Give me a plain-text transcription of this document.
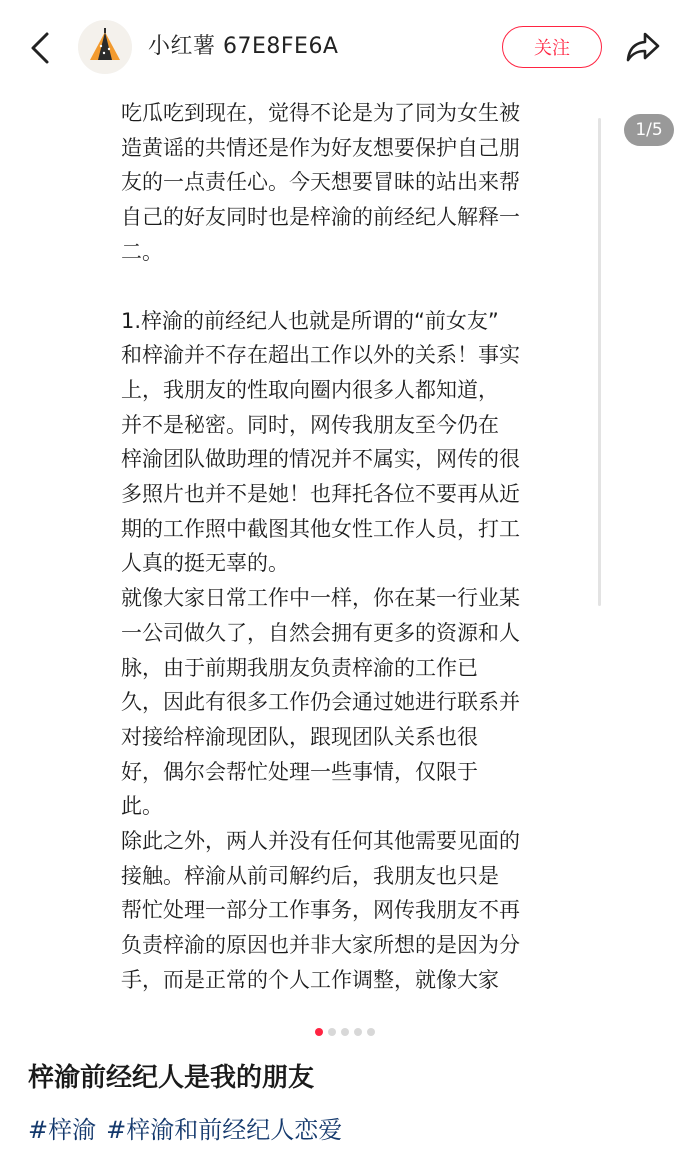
小红薯 67E8FE6A	关注

吃瓜吃到现在，觉得不论是为了同为女生被
造黄谣的共情还是作为好友想要保护自己朋
友的一点责任心。今天想要冒昧的站出来帮
自己的好友同时也是梓渝的前经纪人解释一
二。

1.梓渝的前经纪人也就是所谓的“前女友”
和梓渝并不存在超出工作以外的关系！事实
上，我朋友的性取向圈内很多人都知道，
并不是秘密。同时，网传我朋友至今仍在
梓渝团队做助理的情况并不属实，网传的很
多照片也并不是她！也拜托各位不要再从近
期的工作照中截图其他女性工作人员，打工
人真的挺无辜的。
就像大家日常工作中一样，你在某一行业某
一公司做久了，自然会拥有更多的资源和人
脉，由于前期我朋友负责梓渝的工作已
久，因此有很多工作仍会通过她进行联系并
对接给梓渝现团队，跟现团队关系也很
好，偶尔会帮忙处理一些事情，仅限于
此。
除此之外，两人并没有任何其他需要见面的
接触。梓渝从前司解约后，我朋友也只是
帮忙处理一部分工作事务，网传我朋友不再
负责梓渝的原因也并非大家所想的是因为分
手，而是正常的个人工作调整，就像大家

1/5
梓渝前经纪人是我的朋友
#梓渝 #梓渝和前经纪人恋爱
